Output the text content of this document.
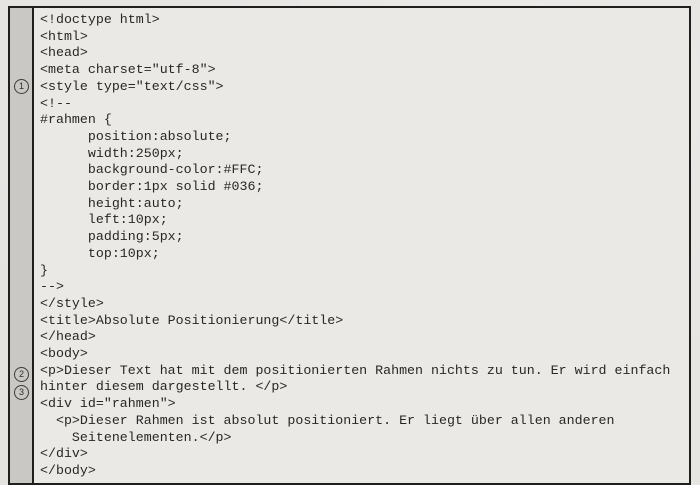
1
2
3
<!doctype html>
<html>
<head>
<meta charset="utf-8">
<style type="text/css">
<!--
#rahmen {
position:absolute;
width:250px;
background-color:#FFC;
border:1px solid #036;
height:auto;
left:10px;
padding:5px;
top:10px;
}
-->
</style>
<title>Absolute Positionierung</title>
</head>
<body>
<p>Dieser Text hat mit dem positionierten Rahmen nichts zu tun. Er wird einfach
hinter diesem dargestellt. </p>
<div id="rahmen">
<p>Dieser Rahmen ist absolut positioniert. Er liegt über allen anderen
Seitenelementen.</p>
</div>
</body>
